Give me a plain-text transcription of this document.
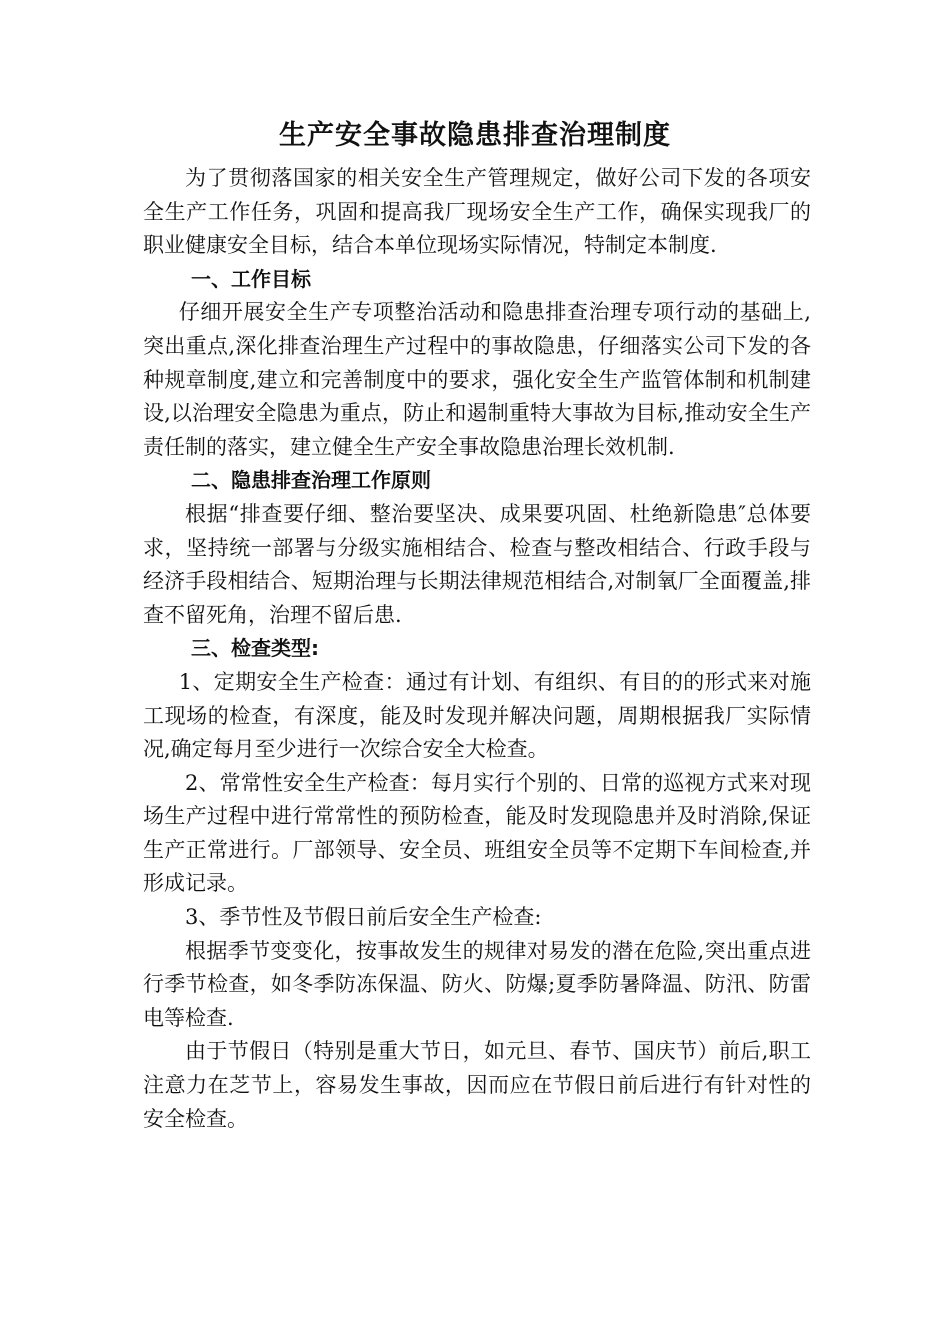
生产安全事故隐患排查治理制度

为了贯彻落国家的相关安全生产管理规定，做好公司下发的各项安全生产工作任务，巩固和提高我厂现场安全生产工作，确保实现我厂的职业健康安全目标，结合本单位现场实际情况，特制定本制度.

一、工作目标

仔细开展安全生产专项整治活动和隐患排查治理专项行动的基础上,突出重点,深化排查治理生产过程中的事故隐患，仔细落实公司下发的各种规章制度,建立和完善制度中的要求，强化安全生产监管体制和机制建设,以治理安全隐患为重点，防止和遏制重特大事故为目标,推动安全生产责任制的落实，建立健全生产安全事故隐患治理长效机制.

二、隐患排查治理工作原则

根据“排查要仔细、整治要坚决、成果要巩固、杜绝新隐患″总体要求，坚持统一部署与分级实施相结合、检查与整改相结合、行政手段与经济手段相结合、短期治理与长期法律规范相结合,对制氧厂全面覆盖,排查不留死角，治理不留后患.

三、检查类型:

1、定期安全生产检查：通过有计划、有组织、有目的的形式来对施工现场的检查，有深度，能及时发现并解决问题，周期根据我厂实际情况,确定每月至少进行一次综合安全大检查。

2、常常性安全生产检查：每月实行个别的、日常的巡视方式来对现场生产过程中进行常常性的预防检查，能及时发现隐患并及时消除,保证生产正常进行。厂部领导、安全员、班组安全员等不定期下车间检查,并形成记录。

3、季节性及节假日前后安全生产检查:

根据季节变变化，按事故发生的规律对易发的潜在危险,突出重点进行季节检查，如冬季防冻保温、防火、防爆;夏季防暑降温、防汛、防雷电等检查.

由于节假日（特别是重大节日，如元旦、春节、国庆节）前后,职工注意力在芝节上，容易发生事故，因而应在节假日前后进行有针对性的安全检查。
